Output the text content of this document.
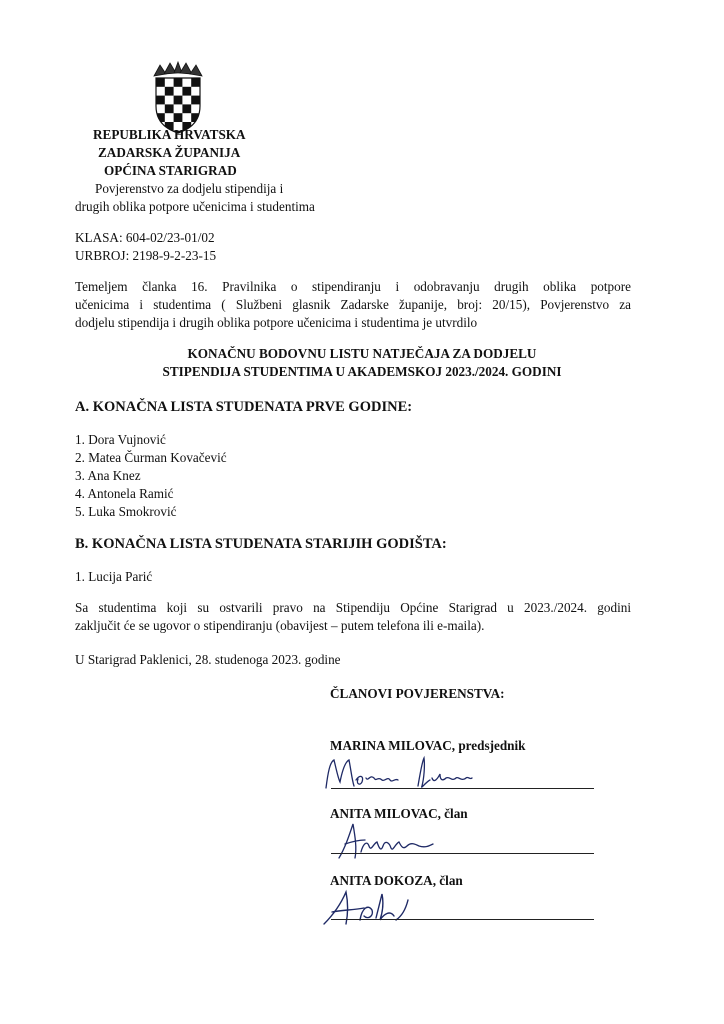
REPUBLIKA HRVATSKA
ZADARSKA ŽUPANIJA
OPĆINA STARIGRAD
Povjerenstvo za dodjelu stipendija i
drugih oblika potpore učenicima i studentima
KLASA: 604-02/23-01/02
URBROJ: 2198-9-2-23-15
Temeljem članka 16. Pravilnika o stipendiranju i odobravanju drugih oblika potpore
učenicima i studentima ( Službeni glasnik Zadarske županije, broj: 20/15), Povjerenstvo za
dodjelu stipendija i drugih oblika potpore učenicima i studentima je utvrdilo
KONAČNU BODOVNU LISTU NATJEČAJA ZA DODJELU
STIPENDIJA STUDENTIMA U AKADEMSKOJ 2023./2024. GODINI
A. KONAČNA LISTA STUDENATA PRVE GODINE:
1. Dora Vujnović
2. Matea Čurman Kovačević
3. Ana Knez
4. Antonela Ramić
5. Luka Smokrović
B. KONAČNA LISTA STUDENATA STARIJIH GODIŠTA:
1. Lucija Parić
Sa studentima koji su ostvarili pravo na Stipendiju Općine Starigrad u 2023./2024. godini
zaključit će se ugovor o stipendiranju (obavijest – putem telefona ili e-maila).
U Starigrad Paklenici, 28. studenoga 2023. godine
ČLANOVI POVJERENSTVA:
MARINA MILOVAC, predsjednik
ANITA MILOVAC, član
ANITA DOKOZA, član
